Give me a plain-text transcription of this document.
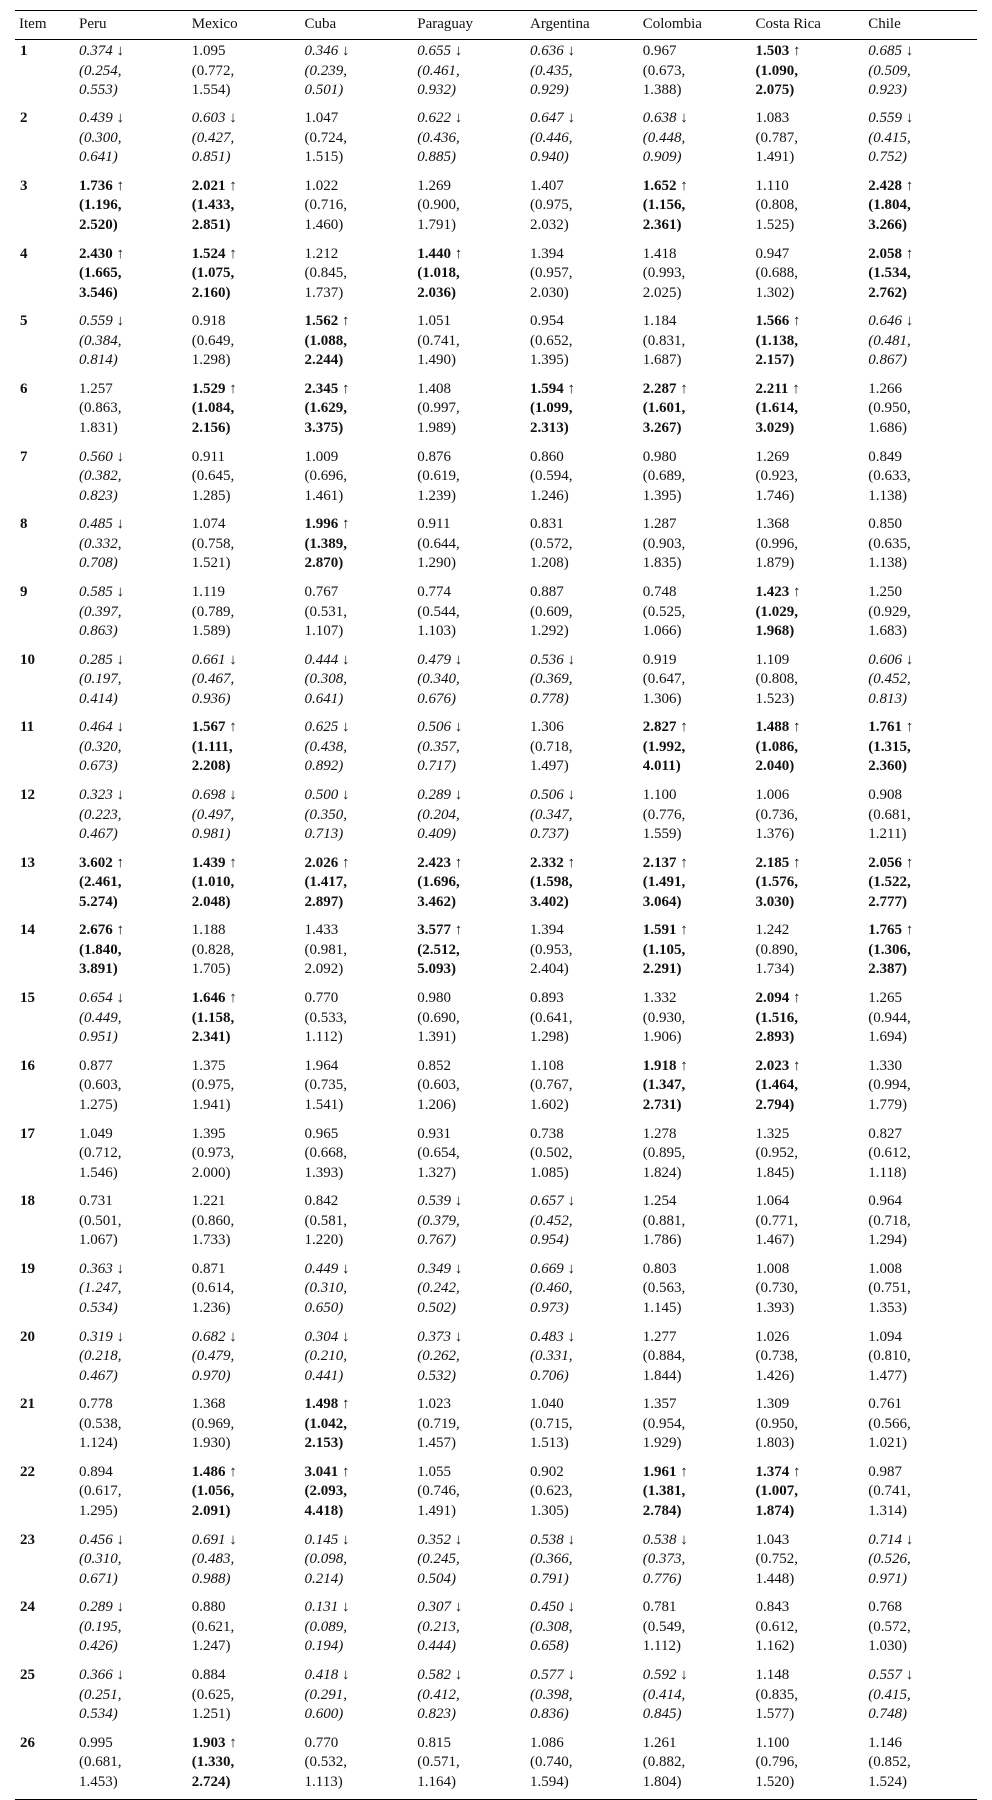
Item	Peru	Mexico	Cuba	Paraguay	Argentina	Colombia	Costa Rica	Chile
1	0.374 ↓
(0.254,
0.553)	1.095
(0.772,
1.554)	0.346 ↓
(0.239,
0.501)	0.655 ↓
(0.461,
0.932)	0.636 ↓
(0.435,
0.929)	0.967
(0.673,
1.388)	1.503 ↑
(1.090,
2.075)	0.685 ↓
(0.509,
0.923)

2	0.439 ↓
(0.300,
0.641)	0.603 ↓
(0.427,
0.851)	1.047
(0.724,
1.515)	0.622 ↓
(0.436,
0.885)	0.647 ↓
(0.446,
0.940)	0.638 ↓
(0.448,
0.909)	1.083
(0.787,
1.491)	0.559 ↓
(0.415,
0.752)

3	1.736 ↑
(1.196,
2.520)	2.021 ↑
(1.433,
2.851)	1.022
(0.716,
1.460)	1.269
(0.900,
1.791)	1.407
(0.975,
2.032)	1.652 ↑
(1.156,
2.361)	1.110
(0.808,
1.525)	2.428 ↑
(1.804,
3.266)

4	2.430 ↑
(1.665,
3.546)	1.524 ↑
(1.075,
2.160)	1.212
(0.845,
1.737)	1.440 ↑
(1.018,
2.036)	1.394
(0.957,
2.030)	1.418
(0.993,
2.025)	0.947
(0.688,
1.302)	2.058 ↑
(1.534,
2.762)

5	0.559 ↓
(0.384,
0.814)	0.918
(0.649,
1.298)	1.562 ↑
(1.088,
2.244)	1.051
(0.741,
1.490)	0.954
(0.652,
1.395)	1.184
(0.831,
1.687)	1.566 ↑
(1.138,
2.157)	0.646 ↓
(0.481,
0.867)

6	1.257
(0.863,
1.831)	1.529 ↑
(1.084,
2.156)	2.345 ↑
(1.629,
3.375)	1.408
(0.997,
1.989)	1.594 ↑
(1.099,
2.313)	2.287 ↑
(1.601,
3.267)	2.211 ↑
(1.614,
3.029)	1.266
(0.950,
1.686)

7	0.560 ↓
(0.382,
0.823)	0.911
(0.645,
1.285)	1.009
(0.696,
1.461)	0.876
(0.619,
1.239)	0.860
(0.594,
1.246)	0.980
(0.689,
1.395)	1.269
(0.923,
1.746)	0.849
(0.633,
1.138)

8	0.485 ↓
(0.332,
0.708)	1.074
(0.758,
1.521)	1.996 ↑
(1.389,
2.870)	0.911
(0.644,
1.290)	0.831
(0.572,
1.208)	1.287
(0.903,
1.835)	1.368
(0.996,
1.879)	0.850
(0.635,
1.138)

9	0.585 ↓
(0.397,
0.863)	1.119
(0.789,
1.589)	0.767
(0.531,
1.107)	0.774
(0.544,
1.103)	0.887
(0.609,
1.292)	0.748
(0.525,
1.066)	1.423 ↑
(1.029,
1.968)	1.250
(0.929,
1.683)

10	0.285 ↓
(0.197,
0.414)	0.661 ↓
(0.467,
0.936)	0.444 ↓
(0.308,
0.641)	0.479 ↓
(0.340,
0.676)	0.536 ↓
(0.369,
0.778)	0.919
(0.647,
1.306)	1.109
(0.808,
1.523)	0.606 ↓
(0.452,
0.813)

11	0.464 ↓
(0.320,
0.673)	1.567 ↑
(1.111,
2.208)	0.625 ↓
(0.438,
0.892)	0.506 ↓
(0.357,
0.717)	1.306
(0.718,
1.497)	2.827 ↑
(1.992,
4.011)	1.488 ↑
(1.086,
2.040)	1.761 ↑
(1.315,
2.360)

12	0.323 ↓
(0.223,
0.467)	0.698 ↓
(0.497,
0.981)	0.500 ↓
(0.350,
0.713)	0.289 ↓
(0.204,
0.409)	0.506 ↓
(0.347,
0.737)	1.100
(0.776,
1.559)	1.006
(0.736,
1.376)	0.908
(0.681,
1.211)

13	3.602 ↑
(2.461,
5.274)	1.439 ↑
(1.010,
2.048)	2.026 ↑
(1.417,
2.897)	2.423 ↑
(1.696,
3.462)	2.332 ↑
(1.598,
3.402)	2.137 ↑
(1.491,
3.064)	2.185 ↑
(1.576,
3.030)	2.056 ↑
(1.522,
2.777)

14	2.676 ↑
(1.840,
3.891)	1.188
(0.828,
1.705)	1.433
(0.981,
2.092)	3.577 ↑
(2.512,
5.093)	1.394
(0.953,
2.404)	1.591 ↑
(1.105,
2.291)	1.242
(0.890,
1.734)	1.765 ↑
(1.306,
2.387)

15	0.654 ↓
(0.449,
0.951)	1.646 ↑
(1.158,
2.341)	0.770
(0.533,
1.112)	0.980
(0.690,
1.391)	0.893
(0.641,
1.298)	1.332
(0.930,
1.906)	2.094 ↑
(1.516,
2.893)	1.265
(0.944,
1.694)

16	0.877
(0.603,
1.275)	1.375
(0.975,
1.941)	1.964
(0.735,
1.541)	0.852
(0.603,
1.206)	1.108
(0.767,
1.602)	1.918 ↑
(1.347,
2.731)	2.023 ↑
(1.464,
2.794)	1.330
(0.994,
1.779)

17	1.049
(0.712,
1.546)	1.395
(0.973,
2.000)	0.965
(0.668,
1.393)	0.931
(0.654,
1.327)	0.738
(0.502,
1.085)	1.278
(0.895,
1.824)	1.325
(0.952,
1.845)	0.827
(0.612,
1.118)

18	0.731
(0.501,
1.067)	1.221
(0.860,
1.733)	0.842
(0.581,
1.220)	0.539 ↓
(0.379,
0.767)	0.657 ↓
(0.452,
0.954)	1.254
(0.881,
1.786)	1.064
(0.771,
1.467)	0.964
(0.718,
1.294)

19	0.363 ↓
(1.247,
0.534)	0.871
(0.614,
1.236)	0.449 ↓
(0.310,
0.650)	0.349 ↓
(0.242,
0.502)	0.669 ↓
(0.460,
0.973)	0.803
(0.563,
1.145)	1.008
(0.730,
1.393)	1.008
(0.751,
1.353)

20	0.319 ↓
(0.218,
0.467)	0.682 ↓
(0.479,
0.970)	0.304 ↓
(0.210,
0.441)	0.373 ↓
(0.262,
0.532)	0.483 ↓
(0.331,
0.706)	1.277
(0.884,
1.844)	1.026
(0.738,
1.426)	1.094
(0.810,
1.477)

21	0.778
(0.538,
1.124)	1.368
(0.969,
1.930)	1.498 ↑
(1.042,
2.153)	1.023
(0.719,
1.457)	1.040
(0.715,
1.513)	1.357
(0.954,
1.929)	1.309
(0.950,
1.803)	0.761
(0.566,
1.021)

22	0.894
(0.617,
1.295)	1.486 ↑
(1.056,
2.091)	3.041 ↑
(2.093,
4.418)	1.055
(0.746,
1.491)	0.902
(0.623,
1.305)	1.961 ↑
(1.381,
2.784)	1.374 ↑
(1.007,
1.874)	0.987
(0.741,
1.314)

23	0.456 ↓
(0.310,
0.671)	0.691 ↓
(0.483,
0.988)	0.145 ↓
(0.098,
0.214)	0.352 ↓
(0.245,
0.504)	0.538 ↓
(0.366,
0.791)	0.538 ↓
(0.373,
0.776)	1.043
(0.752,
1.448)	0.714 ↓
(0.526,
0.971)

24	0.289 ↓
(0.195,
0.426)	0.880
(0.621,
1.247)	0.131 ↓
(0.089,
0.194)	0.307 ↓
(0.213,
0.444)	0.450 ↓
(0.308,
0.658)	0.781
(0.549,
1.112)	0.843
(0.612,
1.162)	0.768
(0.572,
1.030)

25	0.366 ↓
(0.251,
0.534)	0.884
(0.625,
1.251)	0.418 ↓
(0.291,
0.600)	0.582 ↓
(0.412,
0.823)	0.577 ↓
(0.398,
0.836)	0.592 ↓
(0.414,
0.845)	1.148
(0.835,
1.577)	0.557 ↓
(0.415,
0.748)

26	0.995
(0.681,
1.453)	1.903 ↑
(1.330,
2.724)	0.770
(0.532,
1.113)	0.815
(0.571,
1.164)	1.086
(0.740,
1.594)	1.261
(0.882,
1.804)	1.100
(0.796,
1.520)	1.146
(0.852,
1.524)
